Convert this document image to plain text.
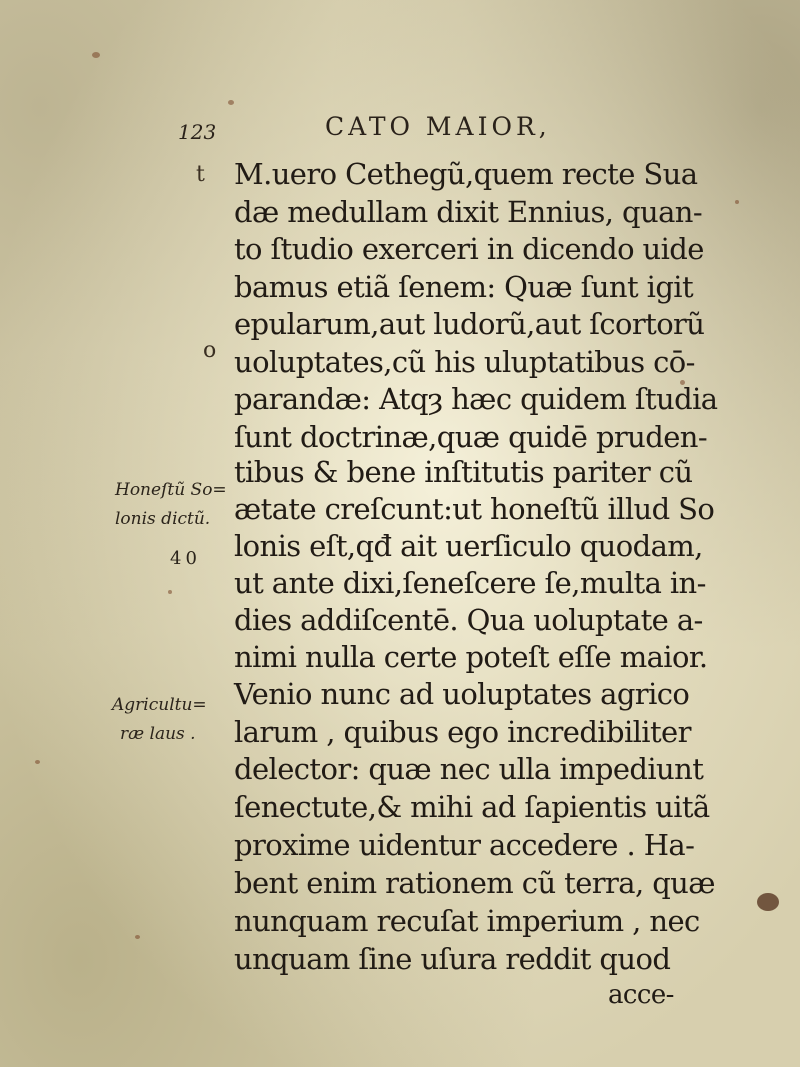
123	CATO MAIOR,
t
o
M.uero Cethegũ,quem recte Sua
dæ medullam dixit Ennius, quan-
to ſtudio exerceri in dicendo uide
bamus etiã ſenem: Quæ ſunt igit
epularum,aut ludorũ,aut ſcortorũ
uoluptates,cũ his uluptatibus cō-
parandæ: Atqȝ hæc quidem ſtudia
ſunt doctrinæ,quæ quidē pruden-
tibus & bene inſtitutis pariter cũ
ætate creſcunt:ut honeſtũ illud So
lonis eſt,qđ ait uerſiculo quodam,
ut ante dixi,ſeneſcere ſe,multa in-
dies addiſcentē. Qua uoluptate a-
nimi nulla certe poteſt eſſe maior.
Venio nunc ad uoluptates agrico
larum , quibus ego incredibiliter
delector: quæ nec ulla impediunt
ſenectute,& mihi ad ſapientis uitã
proxime uidentur accedere . Ha-
bent enim rationem cũ terra, quæ
nunquam recuſat imperium , nec
unquam ſine uſura reddit quod
acce-
Honeſtũ So=
lonis dictũ.
40
Agricultu=
ræ laus .
